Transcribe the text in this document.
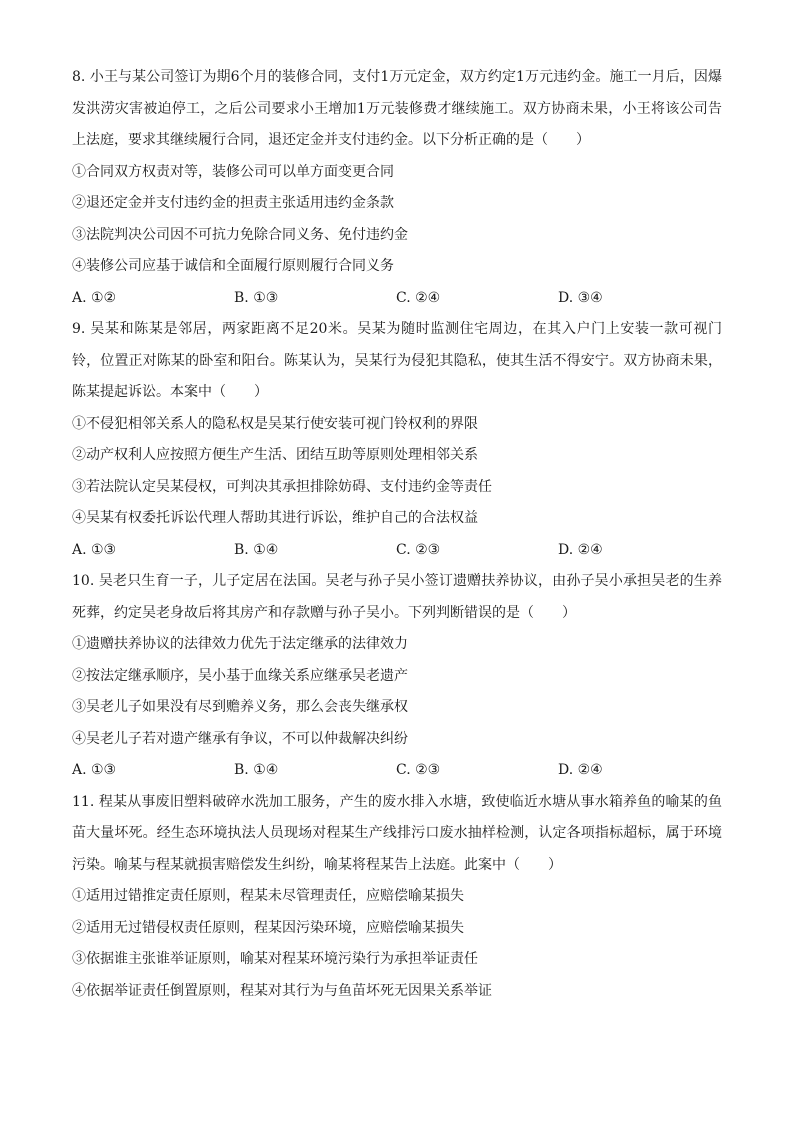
8. 小王与某公司签订为期6个月的装修合同，支付1万元定金，双方约定1万元违约金。施工一月后，因爆发洪涝灾害被迫停工，之后公司要求小王增加1万元装修费才继续施工。双方协商未果，小王将该公司告上法庭，要求其继续履行合同，退还定金并支付违约金。以下分析正确的是（　　）

①合同双方权责对等，装修公司可以单方面变更合同

②退还定金并支付违约金的担责主张适用违约金条款

③法院判决公司因不可抗力免除合同义务、免付违约金

④装修公司应基于诚信和全面履行原则履行合同义务

A. ①②	B. ①③	C. ②④	D. ③④

9. 吴某和陈某是邻居，两家距离不足20米。吴某为随时监测住宅周边，在其入户门上安装一款可视门铃，位置正对陈某的卧室和阳台。陈某认为，吴某行为侵犯其隐私，使其生活不得安宁。双方协商未果，陈某提起诉讼。本案中（　　）

①不侵犯相邻关系人的隐私权是吴某行使安装可视门铃权利的界限

②动产权利人应按照方便生产生活、团结互助等原则处理相邻关系

③若法院认定吴某侵权，可判决其承担排除妨碍、支付违约金等责任

④吴某有权委托诉讼代理人帮助其进行诉讼，维护自己的合法权益

A. ①③	B. ①④	C. ②③	D. ②④

10. 吴老只生育一子，儿子定居在法国。吴老与孙子吴小签订遗赠扶养协议，由孙子吴小承担吴老的生养死葬，约定吴老身故后将其房产和存款赠与孙子吴小。下列判断错误的是（　　）

①遗赠扶养协议的法律效力优先于法定继承的法律效力

②按法定继承顺序，吴小基于血缘关系应继承吴老遗产

③吴老儿子如果没有尽到赡养义务，那么会丧失继承权

④吴老儿子若对遗产继承有争议，不可以仲裁解决纠纷

A. ①③	B. ①④	C. ②③	D. ②④

11. 程某从事废旧塑料破碎水洗加工服务，产生的废水排入水塘，致使临近水塘从事水箱养鱼的喻某的鱼苗大量坏死。经生态环境执法人员现场对程某生产线排污口废水抽样检测，认定各项指标超标，属于环境污染。喻某与程某就损害赔偿发生纠纷，喻某将程某告上法庭。此案中（　　）

①适用过错推定责任原则，程某未尽管理责任，应赔偿喻某损失

②适用无过错侵权责任原则，程某因污染环境，应赔偿喻某损失

③依据谁主张谁举证原则，喻某对程某环境污染行为承担举证责任

④依据举证责任倒置原则，程某对其行为与鱼苗坏死无因果关系举证
